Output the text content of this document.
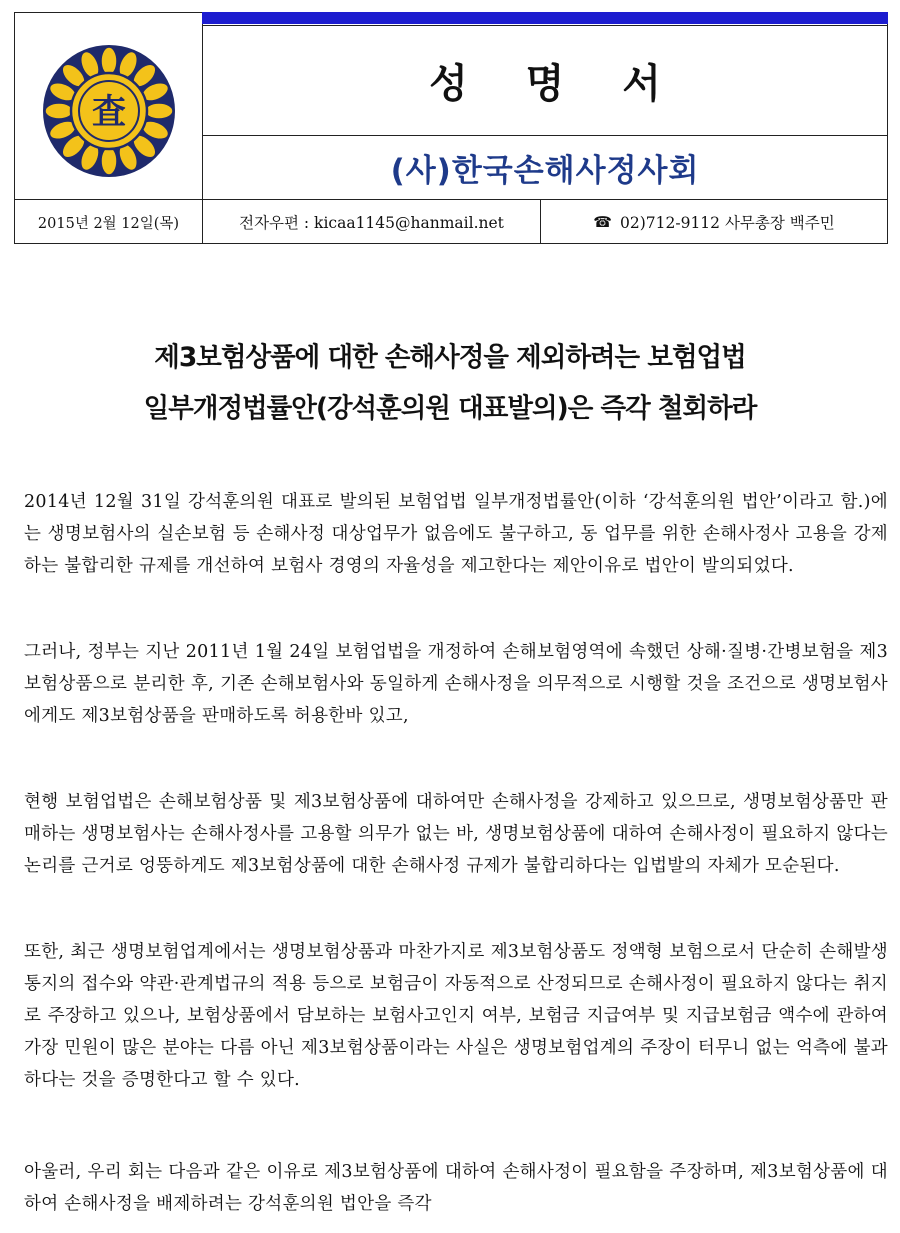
査
성 명 서
(사)한국손해사정사회
2015년 2월 12일(목)	전자우편 : kicaa1145@hanmail.net	☎ 02)712-9112 사무총장 백주민
제3보험상품에 대한 손해사정을 제외하려는 보험업법
일부개정법률안(강석훈의원 대표발의)은 즉각 철회하라
2014년 12월 31일 강석훈의원 대표로 발의된 보험업법 일부개정법률안(이하 ‘강석훈의원 법안’이라고 함.)에는 생명보험사의 실손보험 등 손해사정 대상업무가 없음에도 불구하고, 동 업무를 위한 손해사정사 고용을 강제하는 불합리한 규제를 개선하여 보험사 경영의 자율성을 제고한다는 제안이유로 법안이 발의되었다.
그러나, 정부는 지난 2011년 1월 24일 보험업법을 개정하여 손해보험영역에 속했던 상해·질병·간병보험을 제3보험상품으로 분리한 후, 기존 손해보험사와 동일하게 손해사정을 의무적으로 시행할 것을 조건으로 생명보험사에게도 제3보험상품을 판매하도록 허용한바 있고,
현행 보험업법은 손해보험상품 및 제3보험상품에 대하여만 손해사정을 강제하고 있으므로, 생명보험상품만 판매하는 생명보험사는 손해사정사를 고용할 의무가 없는 바, 생명보험상품에 대하여 손해사정이 필요하지 않다는 논리를 근거로 엉뚱하게도 제3보험상품에 대한 손해사정 규제가 불합리하다는 입법발의 자체가 모순된다.
또한, 최근 생명보험업계에서는 생명보험상품과 마찬가지로 제3보험상품도 정액형 보험으로서 단순히 손해발생통지의 접수와 약관·관계법규의 적용 등으로 보험금이 자동적으로 산정되므로 손해사정이 필요하지 않다는 취지로 주장하고 있으나, 보험상품에서 담보하는 보험사고인지 여부, 보험금 지급여부 및 지급보험금 액수에 관하여 가장 민원이 많은 분야는 다름 아닌 제3보험상품이라는 사실은 생명보험업계의 주장이 터무니 없는 억측에 불과하다는 것을 증명한다고 할 수 있다.
아울러, 우리 회는 다음과 같은 이유로 제3보험상품에 대하여 손해사정이 필요함을 주장하며, 제3보험상품에 대하여 손해사정을 배제하려는 강석훈의원 법안을 즉각
